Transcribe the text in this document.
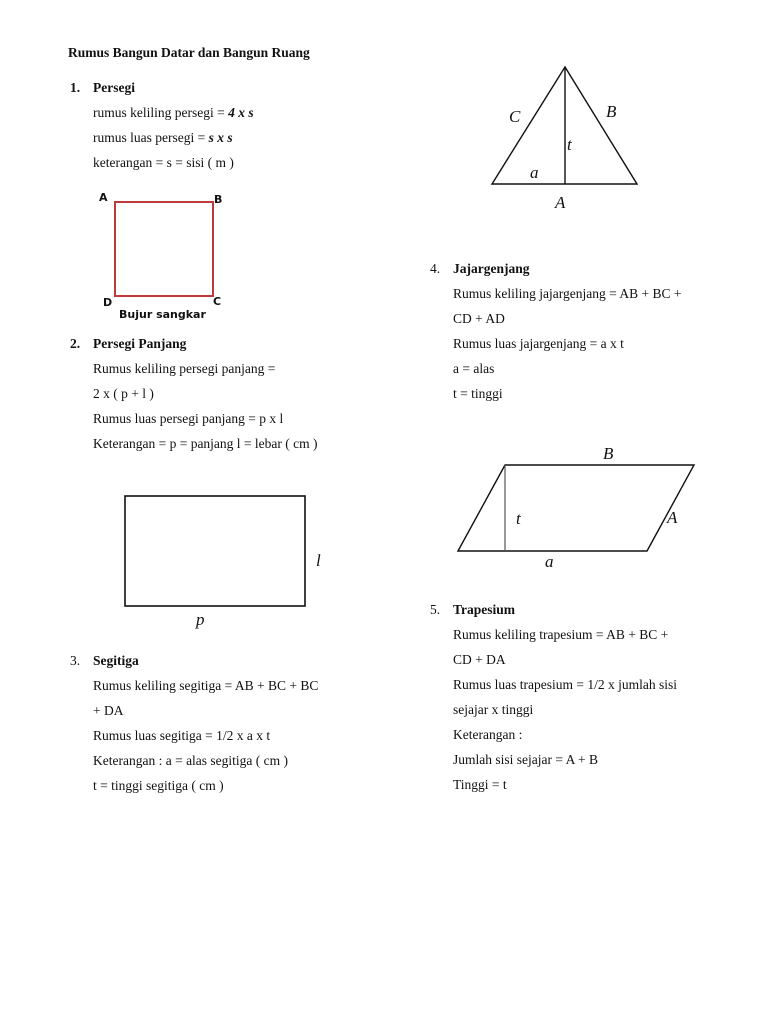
Rumus Bangun Datar dan Bangun Ruang
1. Persegi
rumus keliling persegi = 4 x s
rumus luas persegi = s x s
keterangan = s = sisi ( m )
A	B
C
D
Bujur sangkar
2. Persegi Panjang
Rumus keliling persegi panjang =
2 x ( p + l )
Rumus luas persegi panjang = p x l
Keterangan = p = panjang l = lebar ( cm )
l
p
3. Segitiga
Rumus keliling segitiga = AB + BC + BC
+ DA
Rumus luas segitiga = 1/2 x a x t
Keterangan : a = alas segitiga ( cm )
t = tinggi segitiga ( cm )
C	B
t
a
A
4. Jajargenjang
Rumus keliling jajargenjang = AB + BC +
CD + AD
Rumus luas jajargenjang = a x t
a = alas
t = tinggi
B
A
t
a
5. Trapesium
Rumus keliling trapesium = AB + BC +
CD + DA
Rumus luas trapesium = 1/2 x jumlah sisi
sejajar x tinggi
Keterangan :
Jumlah sisi sejajar = A + B
Tinggi = t
